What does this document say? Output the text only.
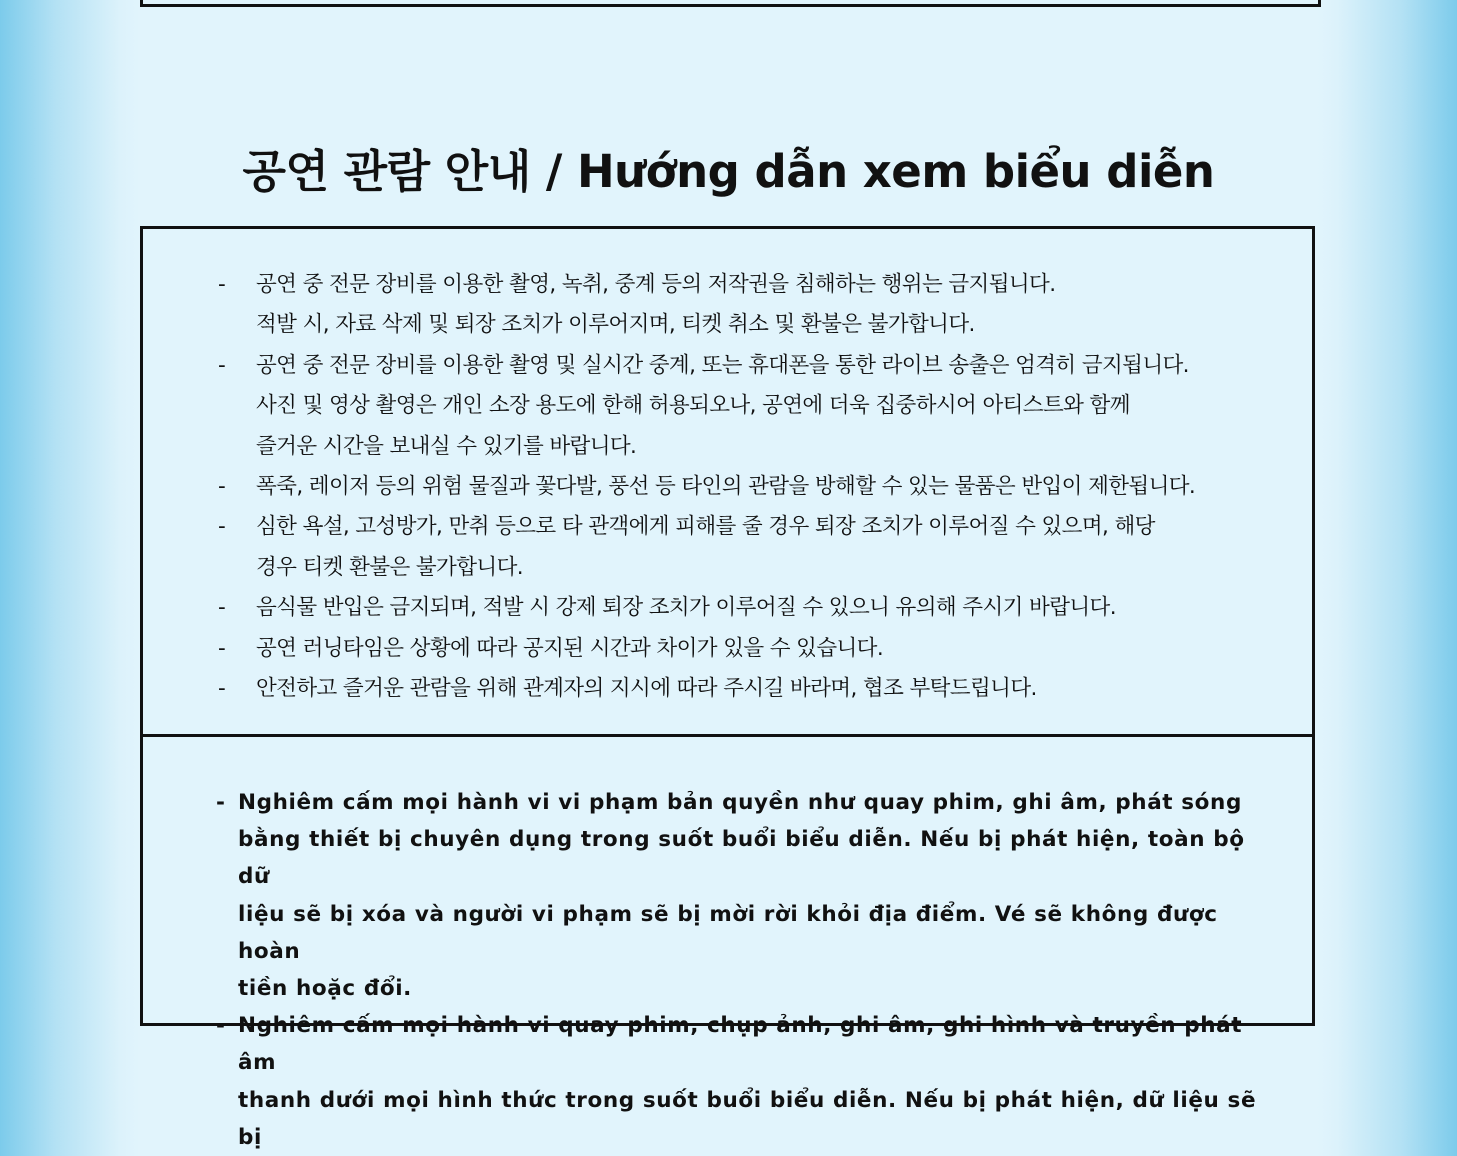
공연 관람 안내 / Hướng dẫn xem biểu diễn
- 공연 중 전문 장비를 이용한 촬영, 녹취, 중계 등의 저작권을 침해하는 행위는 금지됩니다.
적발 시, 자료 삭제 및 퇴장 조치가 이루어지며, 티켓 취소 및 환불은 불가합니다.
- 공연 중 전문 장비를 이용한 촬영 및 실시간 중계, 또는 휴대폰을 통한 라이브 송출은 엄격히 금지됩니다.
사진 및 영상 촬영은 개인 소장 용도에 한해 허용되오나, 공연에 더욱 집중하시어 아티스트와 함께
즐거운 시간을 보내실 수 있기를 바랍니다.
- 폭죽, 레이저 등의 위험 물질과 꽃다발, 풍선 등 타인의 관람을 방해할 수 있는 물품은 반입이 제한됩니다.
- 심한 욕설, 고성방가, 만취 등으로 타 관객에게 피해를 줄 경우 퇴장 조치가 이루어질 수 있으며, 해당
경우 티켓 환불은 불가합니다.
- 음식물 반입은 금지되며, 적발 시 강제 퇴장 조치가 이루어질 수 있으니 유의해 주시기 바랍니다.
- 공연 러닝타임은 상황에 따라 공지된 시간과 차이가 있을 수 있습니다.
- 안전하고 즐거운 관람을 위해 관계자의 지시에 따라 주시길 바라며, 협조 부탁드립니다.
- Nghiêm cấm mọi hành vi vi phạm bản quyền như quay phim, ghi âm, phát sóng
bằng thiết bị chuyên dụng trong suốt buổi biểu diễn. Nếu bị phát hiện, toàn bộ dữ
liệu sẽ bị xóa và người vi phạm sẽ bị mời rời khỏi địa điểm. Vé sẽ không được hoàn
tiền hoặc đổi.
- Nghiêm cấm mọi hành vi quay phim, chụp ảnh, ghi âm, ghi hình và truyền phát âm
thanh dưới mọi hình thức trong suốt buổi biểu diễn. Nếu bị phát hiện, dữ liệu sẽ bị
